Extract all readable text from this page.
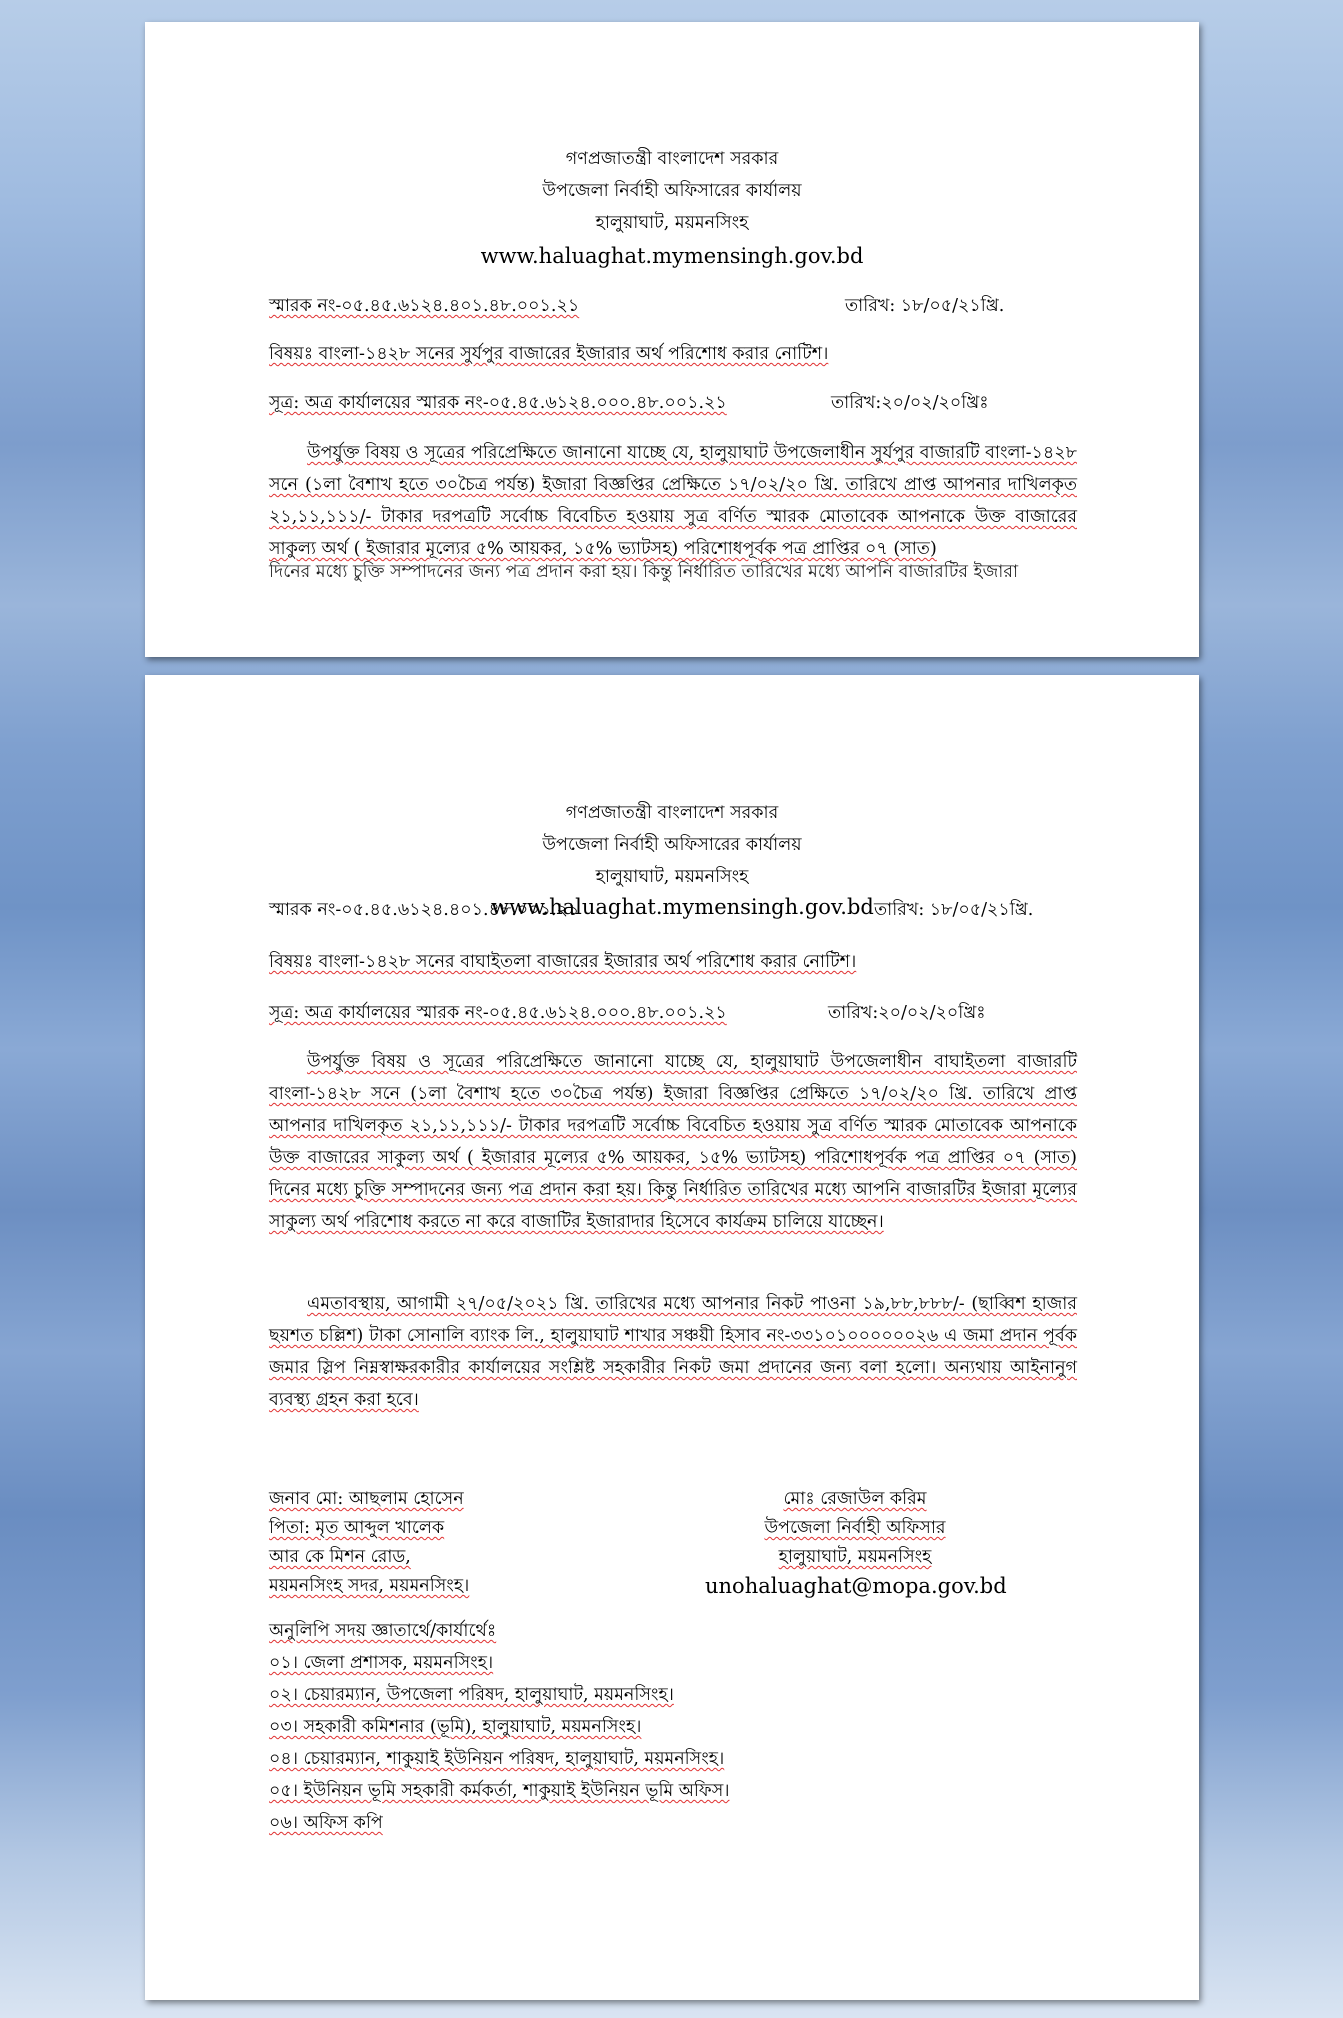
গণপ্রজাতন্ত্রী বাংলাদেশ সরকার
উপজেলা নির্বাহী অফিসারের কার্যালয়
হালুয়াঘাট, ময়মনসিংহ
www.haluaghat.mymensingh.gov.bd
স্মারক নং-০৫.৪৫.৬১২৪.৪০১.৪৮.০০১.২১	তারিখ: ১৮/০৫/২১খ্রি.
বিষয়ঃ বাংলা-১৪২৮ সনের সুর্যপুর বাজারের ইজারার অর্থ পরিশোধ করার নোটিশ।
সূত্র: অত্র কার্যালয়ের স্মারক নং-০৫.৪৫.৬১২৪.০০০.৪৮.০০১.২১	তারিখ:২০/০২/২০খ্রিঃ
উপর্যুক্ত বিষয় ও সূত্রের পরিপ্রেক্ষিতে জানানো যাচ্ছে যে, হালুয়াঘাট উপজেলাধীন সুর্যপুর বাজারটি বাংলা-১৪২৮ সনে (১লা বৈশাখ হতে ৩০চৈত্র পর্যন্ত) ইজারা বিজ্ঞপ্তির প্রেক্ষিতে ১৭/০২/২০ খ্রি. তারিখে প্রাপ্ত আপনার দাখিলকৃত ২১,১১,১১১/- টাকার দরপত্রটি সর্বোচ্চ বিবেচিত হওয়ায় সুত্র বর্ণিত স্মারক মোতাবেক আপনাকে উক্ত বাজারের সাকুল্য অর্থ ( ইজারার মূল্যের ৫% আয়কর, ১৫% ভ্যাটসহ) পরিশোধপূর্বক পত্র প্রাপ্তির ০৭ (সাত)
দিনের মধ্যে চুক্তি সম্পাদনের জন্য পত্র প্রদান করা হয়। কিন্তু নির্ধারিত তারিখের মধ্যে আপনি বাজারটির ইজারা
গণপ্রজাতন্ত্রী বাংলাদেশ সরকার
উপজেলা নির্বাহী অফিসারের কার্যালয়
হালুয়াঘাট, ময়মনসিংহ
স্মারক নং-০৫.৪৫.৬১২৪.৪০১.৪৮.০০১.২১
www.haluaghat.mymensingh.gov.bd তারিখ: ১৮/০৫/২১খ্রি.
বিষয়ঃ বাংলা-১৪২৮ সনের বাঘাইতলা বাজারের ইজারার অর্থ পরিশোধ করার নোটিশ।
সূত্র: অত্র কার্যালয়ের স্মারক নং-০৫.৪৫.৬১২৪.০০০.৪৮.০০১.২১	তারিখ:২০/০২/২০খ্রিঃ
উপর্যুক্ত বিষয় ও সূত্রের পরিপ্রেক্ষিতে জানানো যাচ্ছে যে, হালুয়াঘাট উপজেলাধীন বাঘাইতলা বাজারটি বাংলা-১৪২৮ সনে (১লা বৈশাখ হতে ৩০চৈত্র পর্যন্ত) ইজারা বিজ্ঞপ্তির প্রেক্ষিতে ১৭/০২/২০ খ্রি. তারিখে প্রাপ্ত আপনার দাখিলকৃত ২১,১১,১১১/- টাকার দরপত্রটি সর্বোচ্চ বিবেচিত হওয়ায় সুত্র বর্ণিত স্মারক মোতাবেক আপনাকে উক্ত বাজারের সাকুল্য অর্থ ( ইজারার মূল্যের ৫% আয়কর, ১৫% ভ্যাটসহ) পরিশোধপূর্বক পত্র প্রাপ্তির ০৭ (সাত) দিনের মধ্যে চুক্তি সম্পাদনের জন্য পত্র প্রদান করা হয়। কিন্তু নির্ধারিত তারিখের মধ্যে আপনি বাজারটির ইজারা মূল্যের সাকুল্য অর্থ পরিশোধ করতে না করে বাজাটির ইজারাদার হিসেবে কার্যক্রম চালিয়ে যাচ্ছেন।
এমতাবস্থায়, আগামী ২৭/০৫/২০২১ খ্রি. তারিখের মধ্যে আপনার নিকট পাওনা ১৯,৮৮,৮৮৮/- (ছাব্বিশ হাজার ছয়শত চল্লিশ) টাকা সোনালি ব্যাংক লি., হালুয়াঘাট শাখার সঞ্চয়ী হিসাব নং-৩৩১০১০০০০০০২৬ এ জমা প্রদান পূর্বক জমার স্লিপ নিম্নস্বাক্ষরকারীর কার্যালয়ের সংশ্লিষ্ট সহকারীর নিকট জমা প্রদানের জন্য বলা হলো। অন্যথায় আইনানুগ ব্যবস্থ্য গ্রহন করা হবে।
জনাব মো: আছলাম হোসেন
পিতা: মৃত আব্দুল খালেক
আর কে মিশন রোড,
ময়মনসিংহ সদর, ময়মনসিংহ।
মোঃ রেজাউল করিম
উপজেলা নির্বাহী অফিসার
হালুয়াঘাট, ময়মনসিংহ
unohaluaghat@mopa.gov.bd
অনুলিপি সদয় জ্ঞাতার্থে/কার্যার্থেঃ
০১। জেলা প্রশাসক, ময়মনসিংহ।
০২। চেয়ারম্যান, উপজেলা পরিষদ, হালুয়াঘাট, ময়মনসিংহ।
০৩। সহকারী কমিশনার (ভূমি), হালুয়াঘাট, ময়মনসিংহ।
০৪। চেয়ারম্যান, শাকুয়াই ইউনিয়ন পরিষদ, হালুয়াঘাট, ময়মনসিংহ।
০৫। ইউনিয়ন ভূমি সহকারী কর্মকর্তা, শাকুয়াই ইউনিয়ন ভূমি অফিস।
০৬। অফিস কপি
